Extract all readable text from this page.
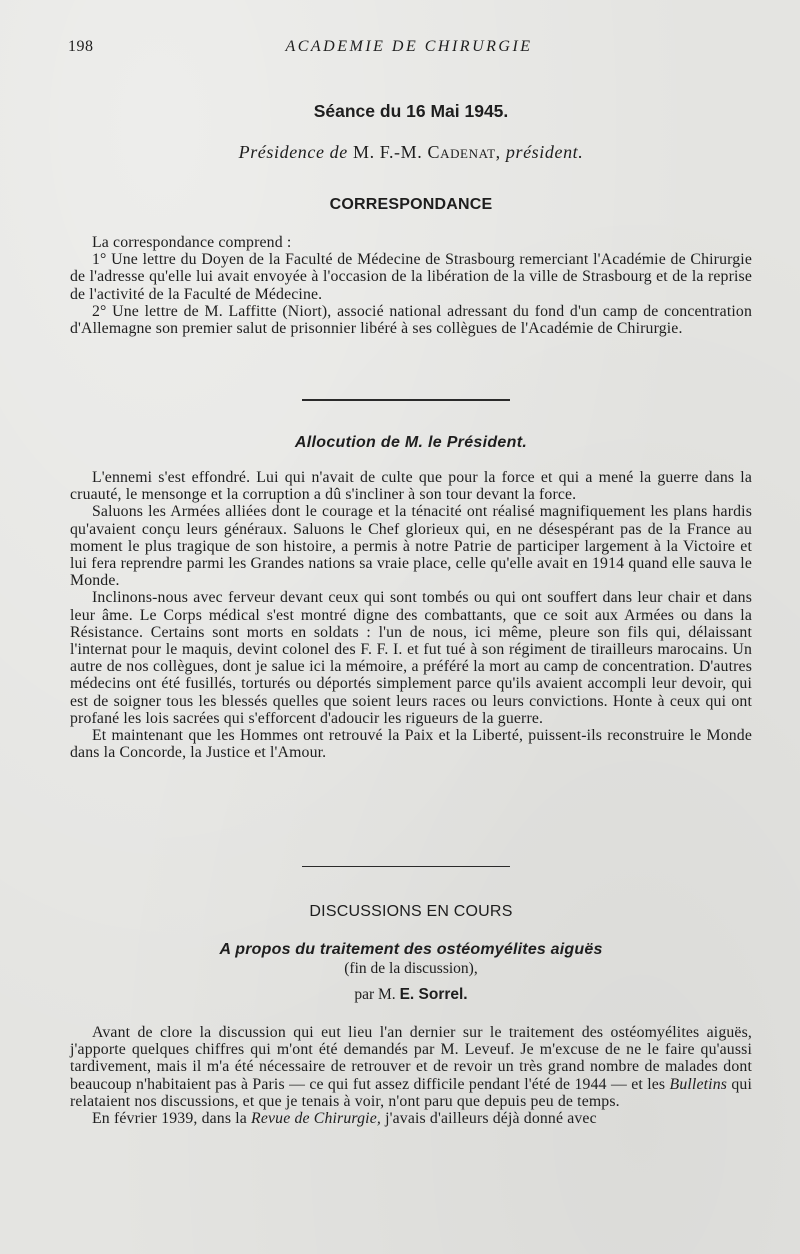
198	ACADEMIE DE CHIRURGIE
Séance du 16 Mai 1945.
Présidence de M. F.-M. Cadenat, président.
CORRESPONDANCE

La correspondance comprend :

1° Une lettre du Doyen de la Faculté de Médecine de Strasbourg remerciant l'Académie de Chirurgie de l'adresse qu'elle lui avait envoyée à l'occasion de la libération de la ville de Strasbourg et de la reprise de l'activité de la Faculté de Médecine.

2° Une lettre de M. Laffitte (Niort), associé national adressant du fond d'un camp de concentration d'Allemagne son premier salut de prisonnier libéré à ses collègues de l'Académie de Chirurgie.

Allocution de M. le Président.

L'ennemi s'est effondré. Lui qui n'avait de culte que pour la force et qui a mené la guerre dans la cruauté, le mensonge et la corruption a dû s'incliner à son tour devant la force.

Saluons les Armées alliées dont le courage et la ténacité ont réalisé magnifiquement les plans hardis qu'avaient conçu leurs généraux. Saluons le Chef glorieux qui, en ne désespérant pas de la France au moment le plus tragique de son histoire, a permis à notre Patrie de participer largement à la Victoire et lui fera reprendre parmi les Grandes nations sa vraie place, celle qu'elle avait en 1914 quand elle sauva le Monde.

Inclinons-nous avec ferveur devant ceux qui sont tombés ou qui ont souffert dans leur chair et dans leur âme. Le Corps médical s'est montré digne des combattants, que ce soit aux Armées ou dans la Résistance. Certains sont morts en soldats : l'un de nous, ici même, pleure son fils qui, délaissant l'internat pour le maquis, devint colonel des F. F. I. et fut tué à son régiment de tirailleurs marocains. Un autre de nos collègues, dont je salue ici la mémoire, a préféré la mort au camp de concentration. D'autres médecins ont été fusillés, torturés ou déportés simplement parce qu'ils avaient accompli leur devoir, qui est de soigner tous les blessés quelles que soient leurs races ou leurs convictions. Honte à ceux qui ont profané les lois sacrées qui s'efforcent d'adoucir les rigueurs de la guerre.

Et maintenant que les Hommes ont retrouvé la Paix et la Liberté, puissent-ils reconstruire le Monde dans la Concorde, la Justice et l'Amour.

DISCUSSIONS EN COURS
A propos du traitement des ostéomyélites aiguës
(fin de la discussion),
par M. E. Sorrel.

Avant de clore la discussion qui eut lieu l'an dernier sur le traitement des ostéomyélites aiguës, j'apporte quelques chiffres qui m'ont été demandés par M. Leveuf. Je m'excuse de ne le faire qu'aussi tardivement, mais il m'a été nécessaire de retrouver et de revoir un très grand nombre de malades dont beaucoup n'habitaient pas à Paris — ce qui fut assez difficile pendant l'été de 1944 — et les Bulletins qui relataient nos discussions, et que je tenais à voir, n'ont paru que depuis peu de temps.

En février 1939, dans la Revue de Chirurgie, j'avais d'ailleurs déjà donné avec
